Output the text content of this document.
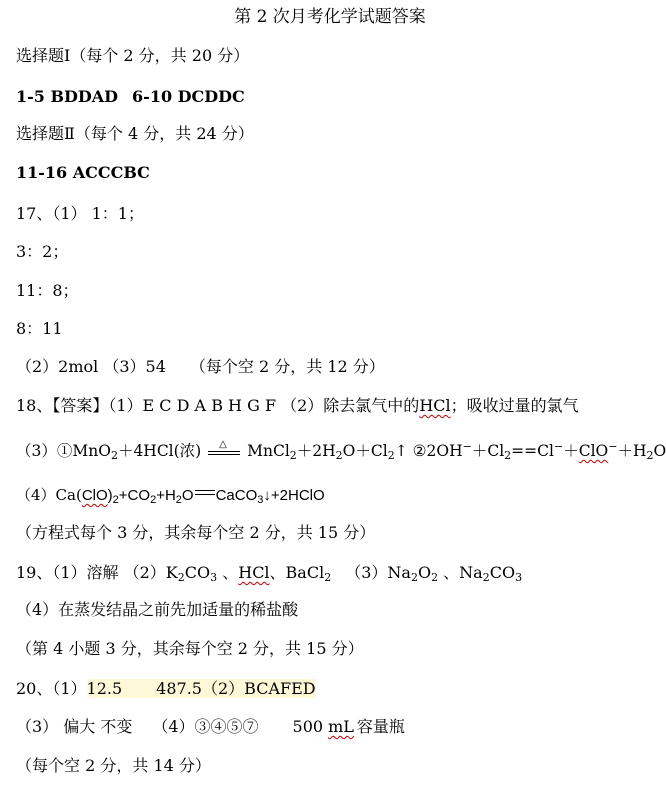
第 2 次月考化学试题答案
选择题Ⅰ（每个 2 分，共 20 分）
1-5 BDDAD 6-10 DCDDC
选择题Ⅱ（每个 4 分，共 24 分）
11-16 ACCCBC
17、（1） 1：1；
3：2；
11：8；
8：11
（2）2mol （3）54 （每个空 2 分，共 12 分）
18、【答案】（1）E C D A B H G F （2）除去氯气中的HCl；吸收过量的氯气
（3）①MnO$_2$＋4HCl(浓) △ $MnCl_2+2H_2O+Cl_2↑$ $②2OH^-+Cl_2==Cl^-+ClO^-+H_2O$
$(4)Ca(ClO)_2+CO_2+H_2O$ CaCO$_3$↓+2HClO
（方程式每个 3 分，其余每个空 2 分，共 15 分）
19、（1）溶解 $(2)K_2CO_3$ 、HCl、BaCl$_2$ $(3)Na_2O_2$ 、$Na_2CO_3$
（4）在蒸发结晶之前先加适量的稀盐酸
（第 4 小题 3 分，其余每个空 2 分，共 15 分）
20、（1）12.5 487.5（2）BCAFED
（3） 偏大 不变 （4）③④⑤⑦ 500 mL 容量瓶
（每个空 2 分，共 14 分）
